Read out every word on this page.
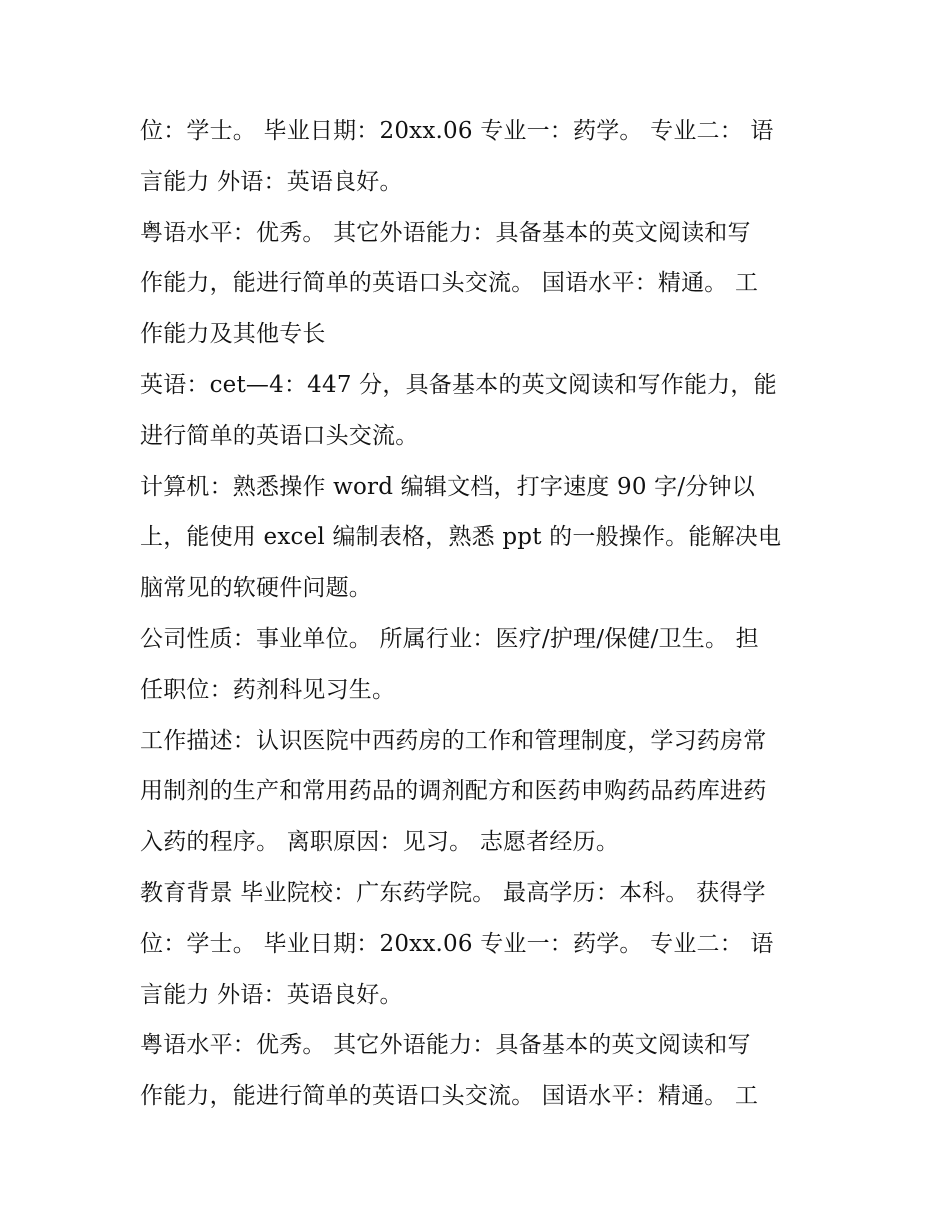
位：学士。 毕业日期：20xx.06 专业一：药学。 专业二： 语
言能力 外语：英语良好。
粤语水平：优秀。 其它外语能力：具备基本的英文阅读和写
作能力，能进行简单的英语口头交流。 国语水平：精通。 工
作能力及其他专长
英语：cet—4：447 分，具备基本的英文阅读和写作能力，能
进行简单的英语口头交流。
计算机：熟悉操作 word 编辑文档，打字速度 90 字/分钟以
上，能使用 excel 编制表格，熟悉 ppt 的一般操作。能解决电
脑常见的软硬件问题。
公司性质：事业单位。 所属行业：医疗/护理/保健/卫生。 担
任职位：药剂科见习生。
工作描述：认识医院中西药房的工作和管理制度，学习药房常
用制剂的生产和常用药品的调剂配方和医药申购药品药库进药
入药的程序。 离职原因：见习。 志愿者经历。
教育背景 毕业院校：广东药学院。 最高学历：本科。 获得学
位：学士。 毕业日期：20xx.06 专业一：药学。 专业二： 语
言能力 外语：英语良好。
粤语水平：优秀。 其它外语能力：具备基本的英文阅读和写
作能力，能进行简单的英语口头交流。 国语水平：精通。 工
